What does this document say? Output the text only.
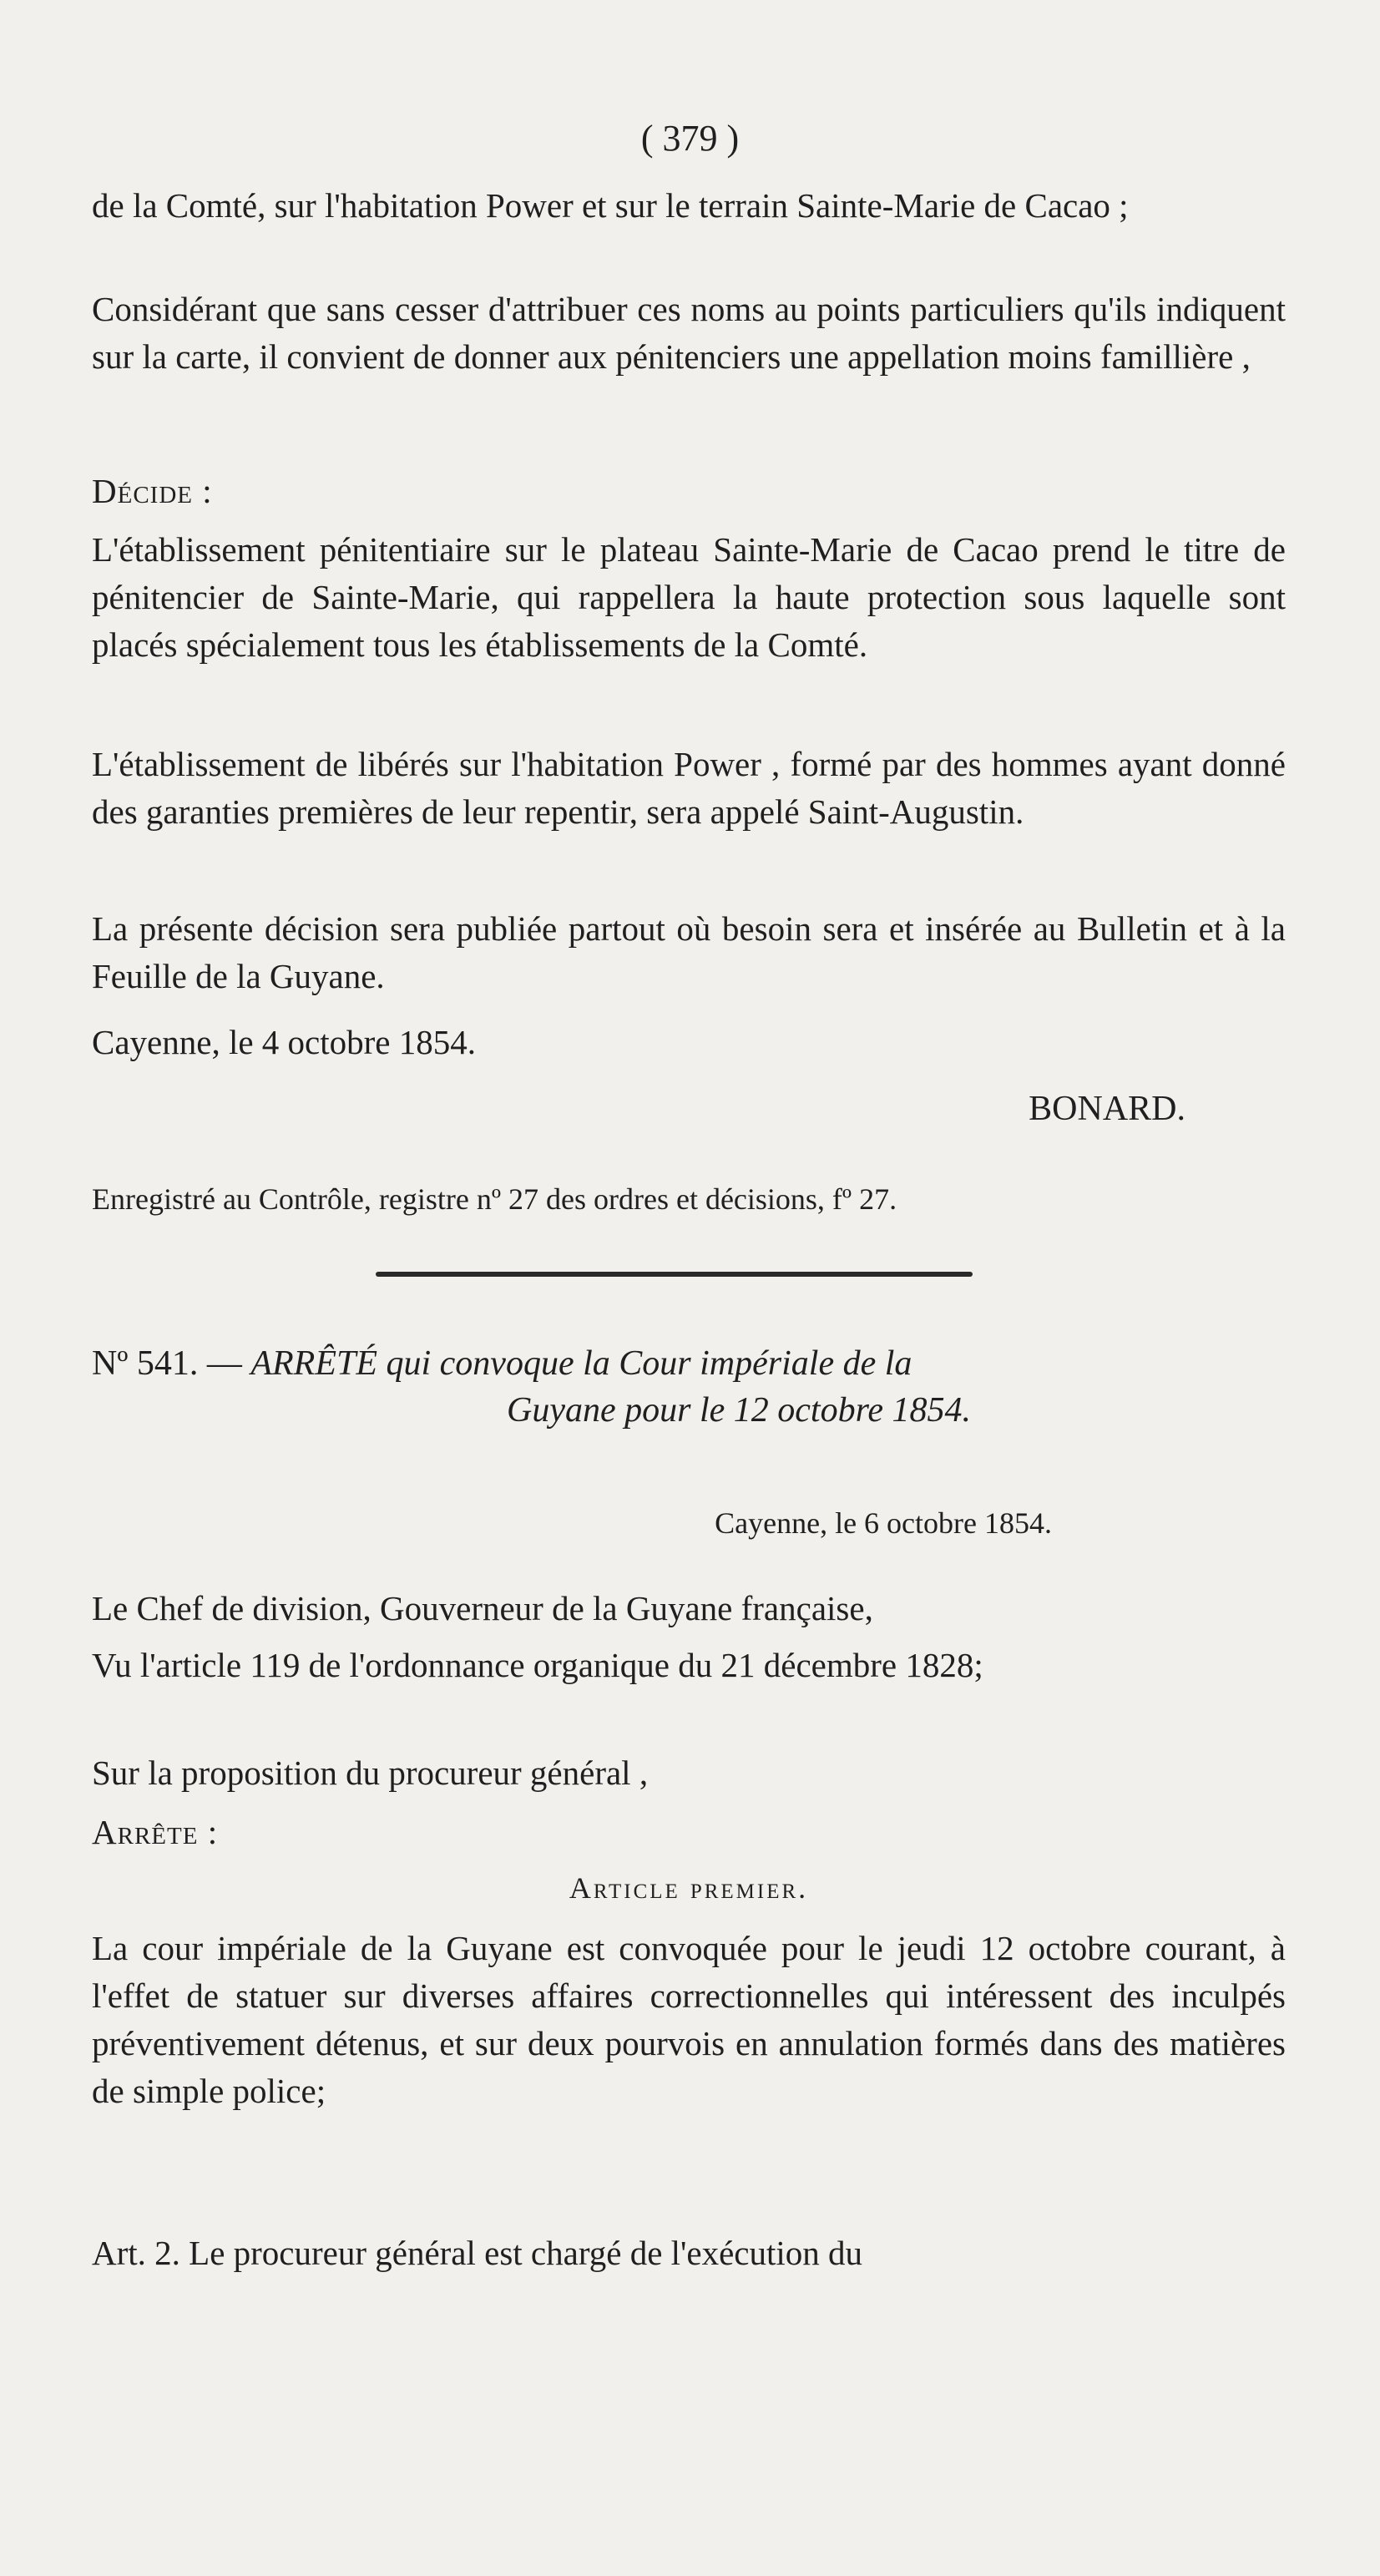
( 379 )

de la Comté, sur l'habitation Power et sur le terrain Sainte-Marie de Cacao ;

Considérant que sans cesser d'attribuer ces noms au points particuliers qu'ils indiquent sur la carte, il convient de donner aux pénitenciers une appellation moins famillière ,

Décide :

L'établissement pénitentiaire sur le plateau Sainte-Marie de Cacao prend le titre de pénitencier de Sainte-Marie, qui rappellera la haute protection sous laquelle sont placés spécialement tous les établissements de la Comté.

L'établissement de libérés sur l'habitation Power , formé par des hommes ayant donné des garanties premières de leur repentir, sera appelé Saint-Augustin.

La présente décision sera publiée partout où besoin sera et insérée au Bulletin et à la Feuille de la Guyane.

Cayenne, le 4 octobre 1854.

BONARD.

Enregistré au Contrôle, registre nº 27 des ordres et décisions, fº 27.

Nº 541. — ARRÊTÉ qui convoque la Cour impériale de la
Guyane pour le 12 octobre 1854.

Cayenne, le 6 octobre 1854.

Le Chef de division, Gouverneur de la Guyane française,

Vu l'article 119 de l'ordonnance organique du 21 décembre 1828;

Sur la proposition du procureur général ,

Arrête :

Article premier.

La cour impériale de la Guyane est convoquée pour le jeudi 12 octobre courant, à l'effet de statuer sur diverses affaires correctionnelles qui intéressent des inculpés préventivement détenus, et sur deux pourvois en annulation formés dans des matières de simple police;

Art. 2. Le procureur général est chargé de l'exécution du
